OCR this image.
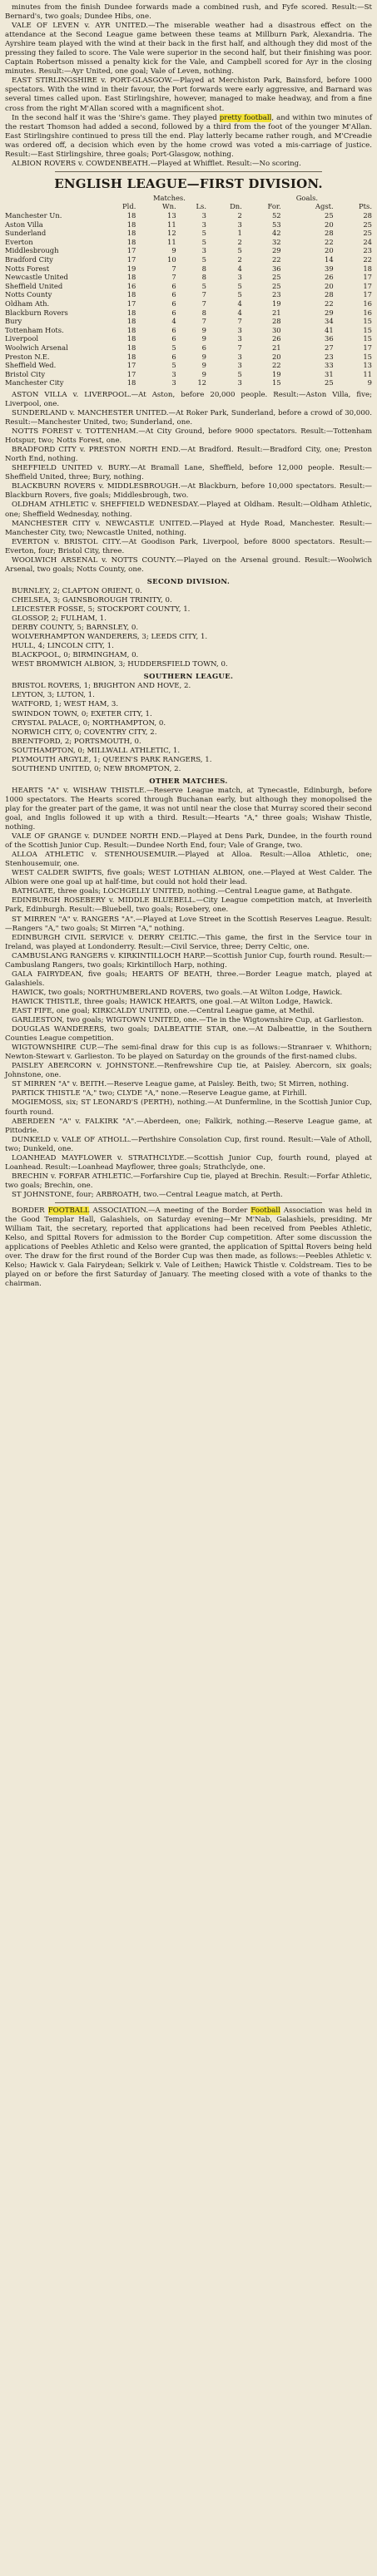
minutes from the finish Dundee forwards made a combined rush, and Fyfe scored. Result:—St Bernard's, two goals; Dundee Hibs, one.

VALE OF LEVEN v. AYR UNITED.—The miserable weather had a disastrous effect on the attendance at the Second League game between these teams at Millburn Park, Alexandria. The Ayrshire team played with the wind at their back in the first half, and although they did most of the pressing they failed to score. The Vale were superior in the second half, but their finishing was poor. Captain Robertson missed a penalty kick for the Vale, and Campbell scored for Ayr in the closing minutes. Result:—Ayr United, one goal; Vale of Leven, nothing.

EAST STIRLINGSHIRE v. PORT-GLASGOW.—Played at Merchiston Park, Bainsford, before 1000 spectators. With the wind in their favour, the Port forwards were early aggressive, and Barnard was several times called upon. East Stirlingshire, however, managed to make headway, and from a fine cross from the right M'Allan scored with a magnificent shot.

In the second half it was the 'Shire's game. They played pretty football, and within two minutes of the restart Thomson had added a second, followed by a third from the foot of the younger M'Allan. East Stirlingshire continued to press till the end. Play latterly became rather rough, and M'Creadie was ordered off, a decision which even by the home crowd was voted a mis-carriage of justice. Result:—East Stirlingshire, three goals; Port-Glasgow, nothing.

ALBION ROVERS v. COWDENBEATH.—Played at Whifflet. Result:—No scoring.

ENGLISH LEAGUE—FIRST DIVISION.
	Matches.				Goals.		
	Pld.	Wn.	Ls.	Dn.	For.	Agst.	Pts.
Manchester Un.	18	13	3	2	52	25	28
Aston Villa	18	11	3	3	53	20	25
Sunderland	18	12	5	1	42	28	25
Everton	18	11	5	2	32	22	24
Middlesbrough	17	9	3	5	29	20	23
Bradford City	17	10	5	2	22	14	22
Notts Forest	19	7	8	4	36	39	18
Newcastle United	18	7	8	3	25	26	17
Sheffield United	16	6	5	5	25	20	17
Notts County	18	6	7	5	23	28	17
Oldham Ath.	17	6	7	4	19	22	16
Blackburn Rovers	18	6	8	4	21	29	16
Bury	18	4	7	7	28	34	15
Tottenham Hots.	18	6	9	3	30	41	15
Liverpool	18	6	9	3	26	36	15
Woolwich Arsenal	18	5	6	7	21	27	17
Preston N.E.	18	6	9	3	20	23	15
Sheffield Wed.	17	5	9	3	22	33	13
Bristol City	17	3	9	5	19	31	11
Manchester City	18	3	12	3	15	25	9

ASTON VILLA v. LIVERPOOL.—At Aston, before 20,000 people. Result:—Aston Villa, five; Liverpool, one.

SUNDERLAND v. MANCHESTER UNITED.—At Roker Park, Sunderland, before a crowd of 30,000. Result:—Manchester United, two; Sunderland, one.

NOTTS FOREST v. TOTTENHAM.—At City Ground, before 9000 spectators. Result:—Tottenham Hotspur, two; Notts Forest, one.

BRADFORD CITY v. PRESTON NORTH END.—At Bradford. Result:—Bradford City, one; Preston North End, nothing.

SHEFFIELD UNITED v. BURY.—At Bramall Lane, Sheffield, before 12,000 people. Result:—Sheffield United, three; Bury, nothing.

BLACKBURN ROVERS v. MIDDLESBROUGH.—At Blackburn, before 10,000 spectators. Result:—Blackburn Rovers, five goals; Middlesbrough, two.

OLDHAM ATHLETIC v. SHEFFIELD WEDNESDAY.—Played at Oldham. Result:—Oldham Athletic, one; Sheffield Wednesday, nothing.

MANCHESTER CITY v. NEWCASTLE UNITED.—Played at Hyde Road, Manchester. Result:—Manchester City, two; Newcastle United, nothing.

EVERTON v. BRISTOL CITY.—At Goodison Park, Liverpool, before 8000 spectators. Result:—Everton, four; Bristol City, three.

WOOLWICH ARSENAL v. NOTTS COUNTY.—Played on the Arsenal ground. Result:—Woolwich Arsenal, two goals; Notts County, one.

SECOND DIVISION.

BURNLEY, 2; CLAPTON ORIENT, 0.

CHELSEA, 3; GAINSBOROUGH TRINITY, 0.

LEICESTER FOSSE, 5; STOCKPORT COUNTY, 1.

GLOSSOP, 2; FULHAM, 1.

DERBY COUNTY, 5; BARNSLEY, 0.

WOLVERHAMPTON WANDERERS, 3; LEEDS CITY, 1.

HULL, 4; LINCOLN CITY, 1.

BLACKPOOL, 0; BIRMINGHAM, 0.

WEST BROMWICH ALBION, 3; HUDDERSFIELD TOWN, 0.

SOUTHERN LEAGUE.

BRISTOL ROVERS, 1; BRIGHTON AND HOVE, 2.

LEYTON, 3; LUTON, 1.

WATFORD, 1; WEST HAM, 3.

SWINDON TOWN, 0; EXETER CITY, 1.

CRYSTAL PALACE, 0; NORTHAMPTON, 0.

NORWICH CITY, 0; COVENTRY CITY, 2.

BRENTFORD, 2; PORTSMOUTH, 0.

SOUTHAMPTON, 0; MILLWALL ATHLETIC, 1.

PLYMOUTH ARGYLE, 1; QUEEN'S PARK RANGERS, 1.

SOUTHEND UNITED, 0; NEW BROMPTON, 2.

OTHER MATCHES.

HEARTS "A" v. WISHAW THISTLE.—Reserve League match, at Tynecastle, Edinburgh, before 1000 spectators. The Hearts scored through Buchanan early, but although they monopolised the play for the greater part of the game, it was not until near the close that Murray scored their second goal, and Inglis followed it up with a third. Result:—Hearts "A," three goals; Wishaw Thistle, nothing.

VALE OF GRANGE v. DUNDEE NORTH END.—Played at Dens Park, Dundee, in the fourth round of the Scottish Junior Cup. Result:—Dundee North End, four; Vale of Grange, two.

ALLOA ATHLETIC v. STENHOUSEMUIR.—Played at Alloa. Result:—Alloa Athletic, one; Stenhousemuir, one.

WEST CALDER SWIFTS, five goals; WEST LOTHIAN ALBION, one.—Played at West Calder. The Albion were one goal up at half-time, but could not hold their lead.

BATHGATE, three goals; LOCHGELLY UNITED, nothing.—Central League game, at Bathgate.

EDINBURGH ROSEBERY v. MIDDLE BLUEBELL.—City League competition match, at Inverleith Park, Edinburgh. Result:—Bluebell, two goals; Rosebery, one.

ST MIRREN "A" v. RANGERS "A".—Played at Love Street in the Scottish Reserves League. Result:—Rangers "A," two goals; St Mirren "A," nothing.

EDINBURGH CIVIL SERVICE v. DERRY CELTIC.—This game, the first in the Service tour in Ireland, was played at Londonderry. Result:—Civil Service, three; Derry Celtic, one.

CAMBUSLANG RANGERS v. KIRKINTILLOCH HARP.—Scottish Junior Cup, fourth round. Result:—Cambuslang Rangers, two goals; Kirkintilloch Harp, nothing.

GALA FAIRYDEAN, five goals; HEARTS OF BEATH, three.—Border League match, played at Galashiels.

HAWICK, two goals; NORTHUMBERLAND ROVERS, two goals.—At Wilton Lodge, Hawick.

HAWICK THISTLE, three goals; HAWICK HEARTS, one goal.—At Wilton Lodge, Hawick.

EAST FIFE, one goal; KIRKCALDY UNITED, one.—Central League game, at Methil.

GARLIESTON, two goals; WIGTOWN UNITED, one.—Tie in the Wigtownshire Cup, at Garlieston.

DOUGLAS WANDERERS, two goals; DALBEATTIE STAR, one.—At Dalbeattie, in the Southern Counties League competition.

WIGTOWNSHIRE CUP.—The semi-final draw for this cup is as follows:—Stranraer v. Whithorn; Newton-Stewart v. Garlieston. To be played on Saturday on the grounds of the first-named clubs.

PAISLEY ABERCORN v. JOHNSTONE.—Renfrewshire Cup tie, at Paisley. Abercorn, six goals; Johnstone, one.

ST MIRREN "A" v. BEITH.—Reserve League game, at Paisley. Beith, two; St Mirren, nothing.

PARTICK THISTLE "A," two; CLYDE "A," none.—Reserve League game, at Firhill.

MOGIEMOSS, six; ST LEONARD'S (PERTH), nothing.—At Dunfermline, in the Scottish Junior Cup, fourth round.

ABERDEEN "A" v. FALKIRK "A".—Aberdeen, one; Falkirk, nothing.—Reserve League game, at Pittodrie.

DUNKELD v. VALE OF ATHOLL.—Perthshire Consolation Cup, first round. Result:—Vale of Atholl, two; Dunkeld, one.

LOANHEAD MAYFLOWER v. STRATHCLYDE.—Scottish Junior Cup, fourth round, played at Loanhead. Result:—Loanhead Mayflower, three goals; Strathclyde, one.

BRECHIN v. FORFAR ATHLETIC.—Forfarshire Cup tie, played at Brechin. Result:—Forfar Athletic, two goals; Brechin, one.

ST JOHNSTONE, four; ARBROATH, two.—Central League match, at Perth.

BORDER FOOTBALL ASSOCIATION.—A meeting of the Border Football Association was held in the Good Templar Hall, Galashiels, on Saturday evening—Mr M'Nab, Galashiels, presiding. Mr William Tait, the secretary, reported that applications had been received from Peebles Athletic, Kelso, and Spittal Rovers for admission to the Border Cup competition. After some discussion the applications of Peebles Athletic and Kelso were granted, the application of Spittal Rovers being held over. The draw for the first round of the Border Cup was then made, as follows:—Peebles Athletic v. Kelso; Hawick v. Gala Fairydean; Selkirk v. Vale of Leithen; Hawick Thistle v. Coldstream. Ties to be played on or before the first Saturday of January. The meeting closed with a vote of thanks to the chairman.
